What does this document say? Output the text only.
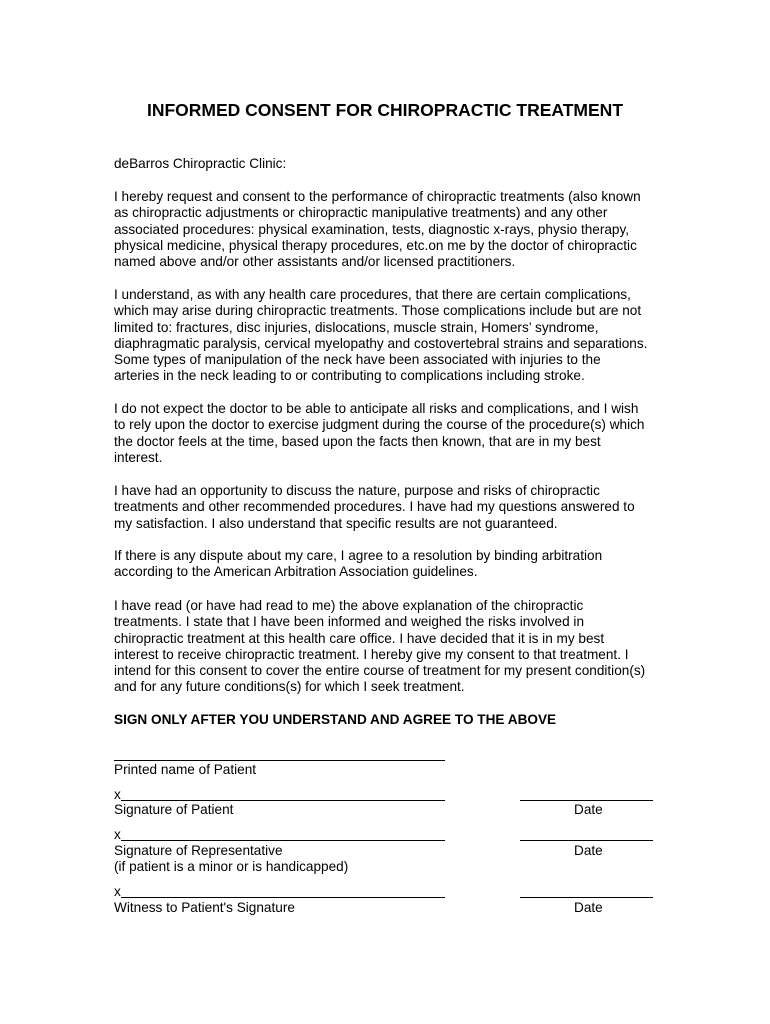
INFORMED CONSENT FOR CHIROPRACTIC TREATMENT

deBarros Chiropractic Clinic:

I hereby request and consent to the performance of chiropractic treatments (also known
as chiropractic adjustments or chiropractic manipulative treatments) and any other
associated procedures: physical examination, tests, diagnostic x-rays, physio therapy,
physical medicine, physical therapy procedures, etc.on me by the doctor of chiropractic
named above and/or other assistants and/or licensed practitioners.
I understand, as with any health care procedures, that there are certain complications,
which may arise during chiropractic treatments. Those complications include but are not
limited to: fractures, disc injuries, dislocations, muscle strain, Homers’ syndrome,
diaphragmatic paralysis, cervical myelopathy and costovertebral strains and separations.
Some types of manipulation of the neck have been associated with injuries to the
arteries in the neck leading to or contributing to complications including stroke.
I do not expect the doctor to be able to anticipate all risks and complications, and I wish
to rely upon the doctor to exercise judgment during the course of the procedure(s) which
the doctor feels at the time, based upon the facts then known, that are in my best
interest.
I have had an opportunity to discuss the nature, purpose and risks of chiropractic
treatments and other recommended procedures. I have had my questions answered to
my satisfaction. I also understand that specific results are not guaranteed.
If there is any dispute about my care, I agree to a resolution by binding arbitration
according to the American Arbitration Association guidelines.
I have read (or have had read to me) the above explanation of the chiropractic
treatments. I state that I have been informed and weighed the risks involved in
chiropractic treatment at this health care office. I have decided that it is in my best
interest to receive chiropractic treatment. I hereby give my consent to that treatment. I
intend for this consent to cover the entire course of treatment for my present condition(s)
and for any future conditions(s) for which I seek treatment.

SIGN ONLY AFTER YOU UNDERSTAND AND AGREE TO THE ABOVE

Printed name of Patient
x
Signature of Patient	Date
x
Signature of Representative
(if patient is a minor or is handicapped)
Date
x
Witness to Patient's Signature	Date
